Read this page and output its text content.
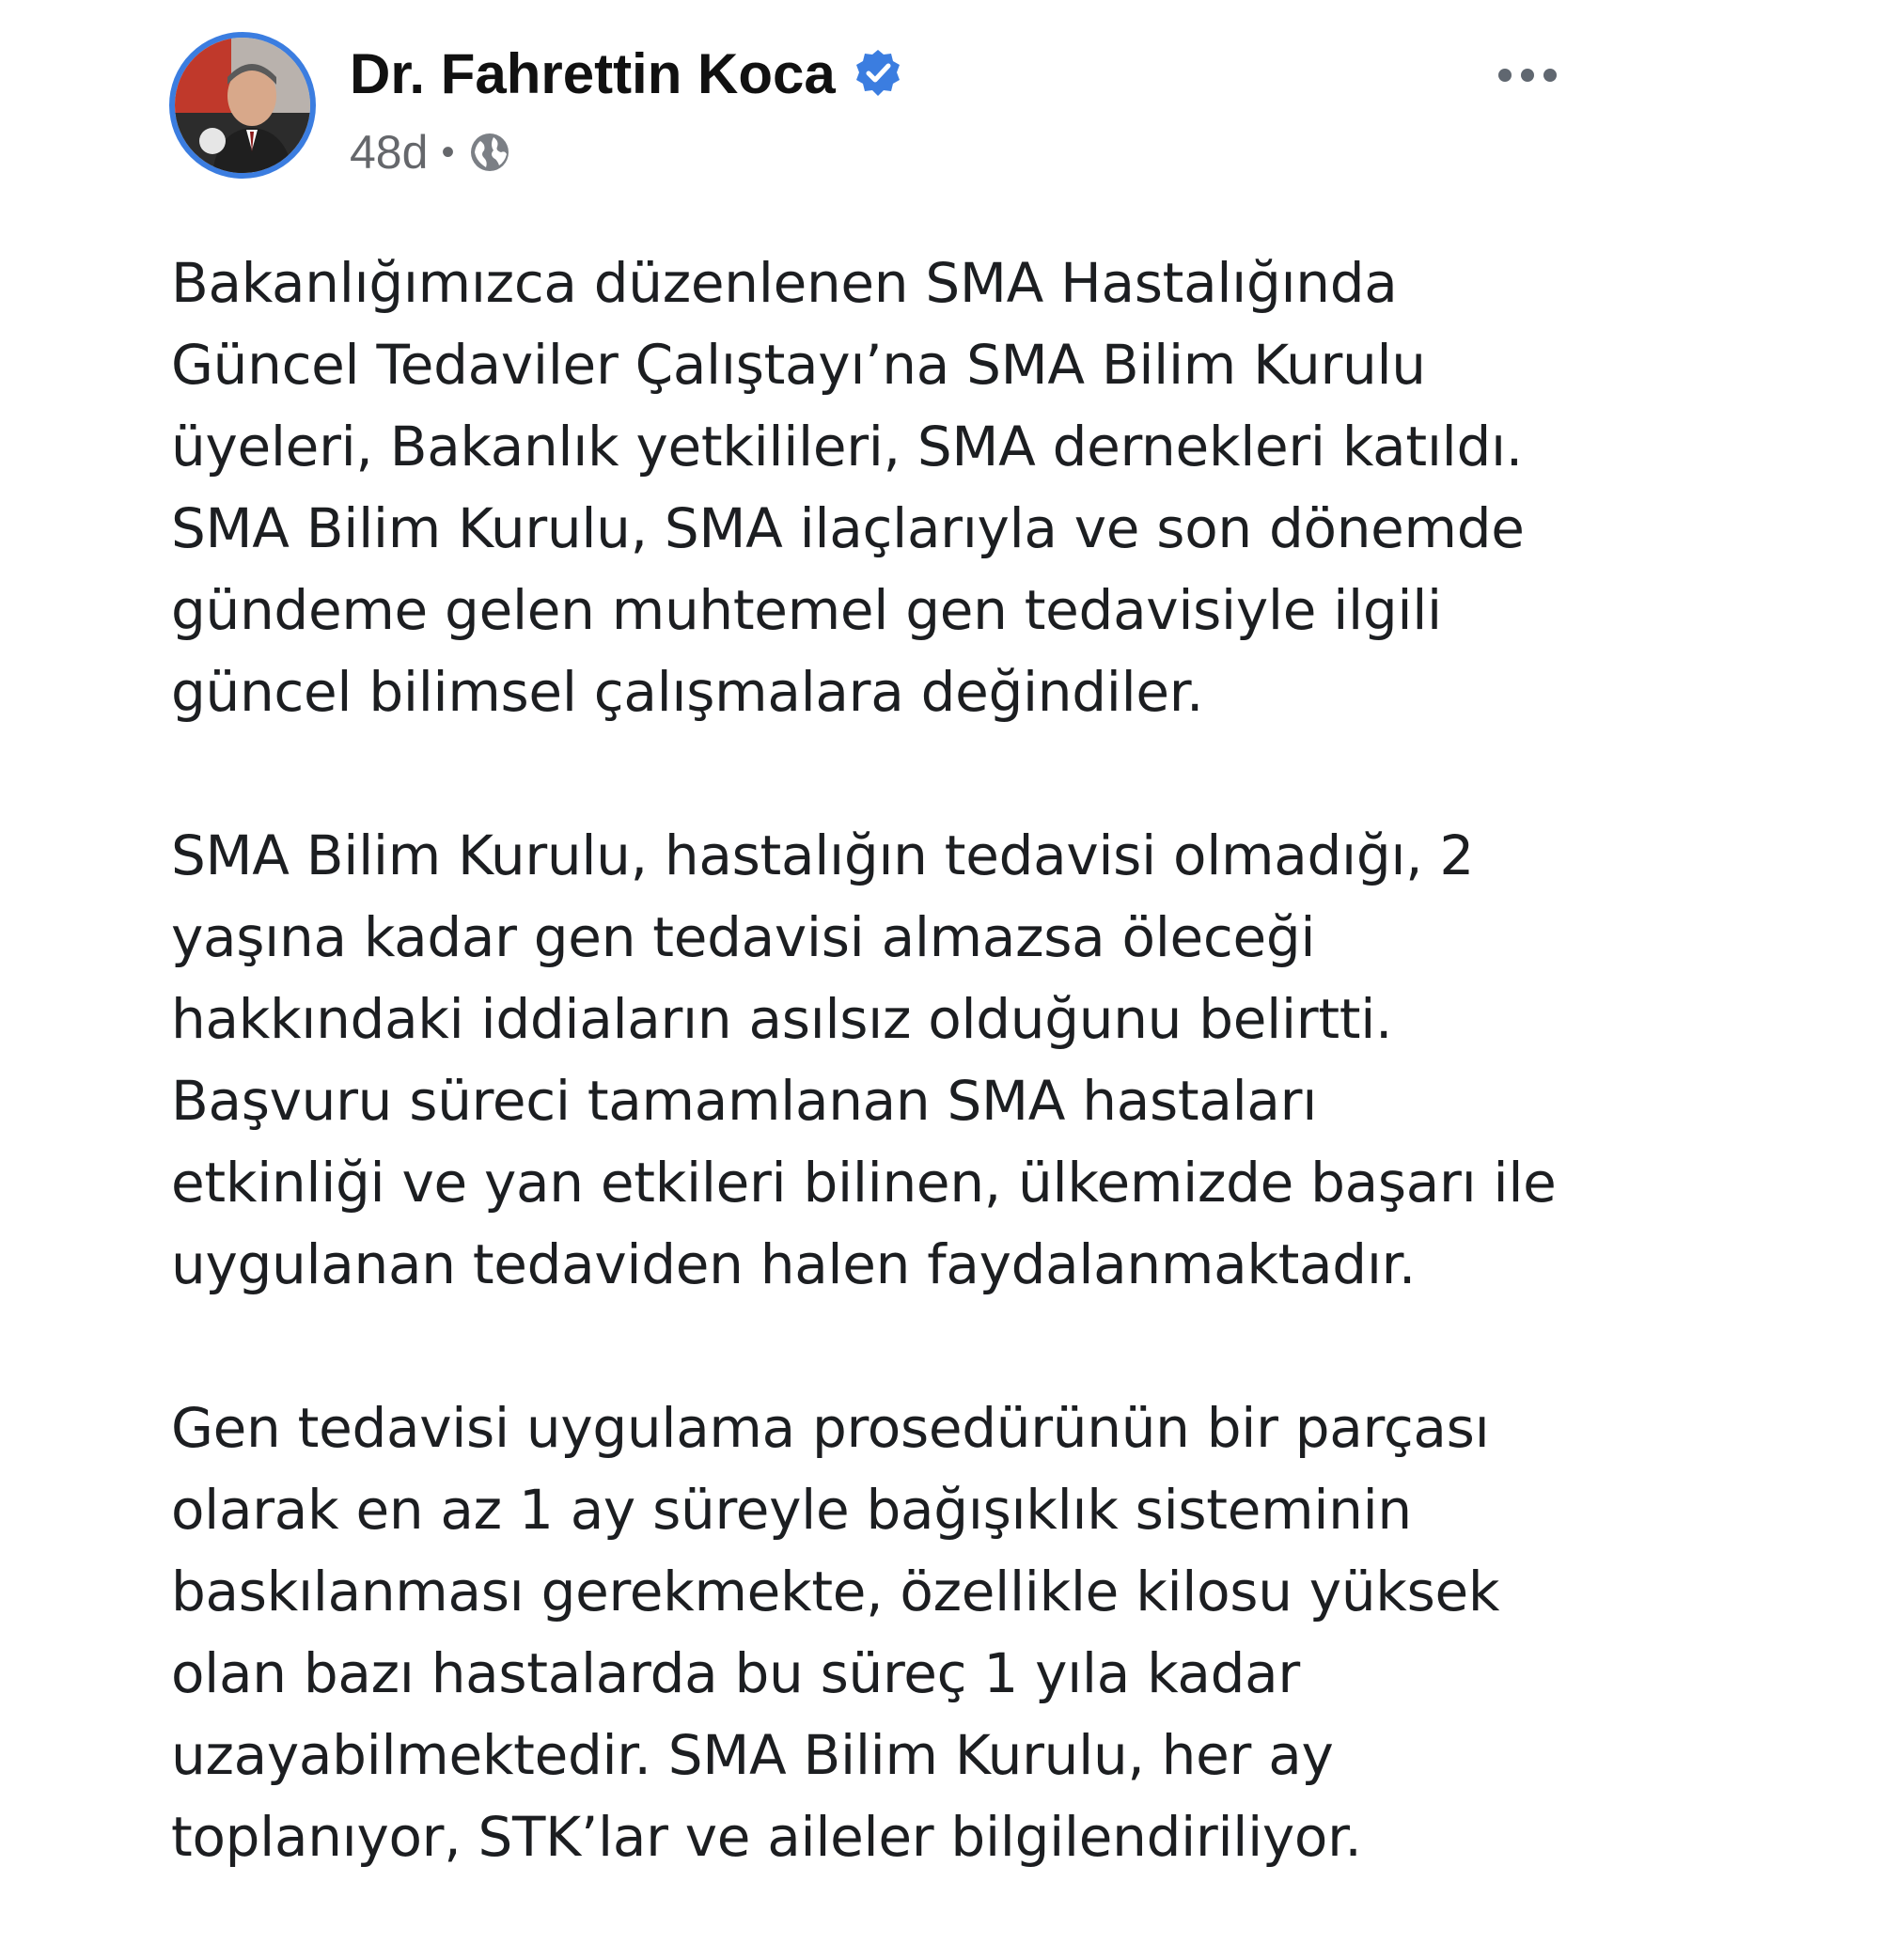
Dr. Fahrettin Koca
48d •

Bakanlığımızca düzenlenen SMA Hastalığında
Güncel Tedaviler Çalıştayı’na SMA Bilim Kurulu
üyeleri, Bakanlık yetkilileri, SMA dernekleri katıldı.
SMA Bilim Kurulu, SMA ilaçlarıyla ve son dönemde
gündeme gelen muhtemel gen tedavisiyle ilgili
güncel bilimsel çalışmalara değindiler.

SMA Bilim Kurulu, hastalığın tedavisi olmadığı, 2
yaşına kadar gen tedavisi almazsa öleceği
hakkındaki iddiaların asılsız olduğunu belirtti.
Başvuru süreci tamamlanan SMA hastaları
etkinliği ve yan etkileri bilinen, ülkemizde başarı ile
uygulanan tedaviden halen faydalanmaktadır.

Gen tedavisi uygulama prosedürünün bir parçası
olarak en az 1 ay süreyle bağışıklık sisteminin
baskılanması gerekmekte, özellikle kilosu yüksek
olan bazı hastalarda bu süreç 1 yıla kadar
uzayabilmektedir. SMA Bilim Kurulu, her ay
toplanıyor, STK’lar ve aileler bilgilendiriliyor.
